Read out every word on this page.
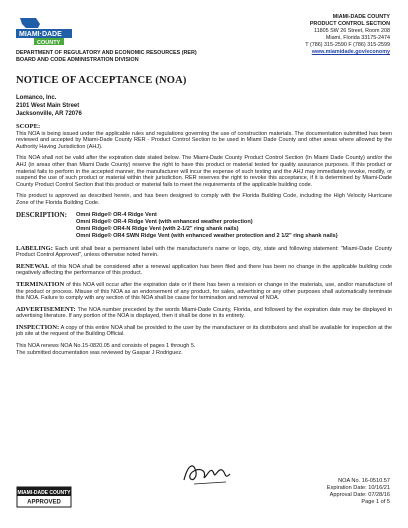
MIAMI·DADE
COUNTY
DEPARTMENT OF REGULATORY AND ECONOMIC RESOURCES (RER)
BOARD AND CODE ADMINISTRATION DIVISION
MIAMI-DADE COUNTY
PRODUCT CONTROL SECTION
11805 SW 26 Street, Room 208
Miami, Florida 33175-2474
T (786) 315-2590 F (786) 315-2599
www.miamidade.gov/economy
NOTICE OF ACCEPTANCE (NOA)
Lomanco, Inc.
2101 West Main Street
Jacksonville, AR 72076
SCOPE:

This NOA is being issued under the applicable rules and regulations governing the use of construction materials. The documentation submitted has been reviewed and accepted by Miami-Dade County RER - Product Control Section to be used in Miami Dade County and other areas where allowed by the Authority Having Jurisdiction (AHJ).

This NOA shall not be valid after the expiration date stated below. The Miami-Dade County Product Control Section (In Miami Dade County) and/or the AHJ (in areas other than Miami Dade County) reserve the right to have this product or material tested for quality assurance purposes. If this product or material fails to perform in the accepted manner, the manufacturer will incur the expense of such testing and the AHJ may immediately revoke, modify, or suspend the use of such product or material within their jurisdiction. RER reserves the right to revoke this acceptance, if it is determined by Miami-Dade County Product Control Section that this product or material fails to meet the requirements of the applicable building code.

This product is approved as described herein, and has been designed to comply with the Florida Building Code, including the High Velocity Hurricane Zone of the Florida Building Code.

DESCRIPTION:	Omni Ridge® OR-4 Ridge Vent
Omni Ridge® OR-4 Ridge Vent (with enhanced weather protection)
Omni Ridge® OR4-N Ridge Vent (with 2-1/2" ring shank nails)
Omni Ridge® OR4 SWN Ridge Vent (with enhanced weather protection and 2 1/2" ring shank nails)

LABELING: Each unit shall bear a permanent label with the manufacturer's name or logo, city, state and following statement: "Miami-Dade County Product Control Approved", unless otherwise noted herein.

RENEWAL of this NOA shall be considered after a renewal application has been filed and there has been no change in the applicable building code negatively affecting the performance of this product.

TERMINATION of this NOA will occur after the expiration date or if there has been a revision or change in the materials, use, and/or manufacture of the product or process. Misuse of this NOA as an endorsement of any product, for sales, advertising or any other purposes shall automatically terminate this NOA. Failure to comply with any section of this NOA shall be cause for termination and removal of NOA.

ADVERTISEMENT: The NOA number preceded by the words Miami-Dade County, Florida, and followed by the expiration date may be displayed in advertising literature. If any portion of the NOA is displayed, then it shall be done in its entirety.

INSPECTION: A copy of this entire NOA shall be provided to the user by the manufacturer or its distributors and shall be available for inspection at the job site at the request of the Building Official.

This NOA renews NOA No.15-0820.05 and consists of pages 1 through 5.
The submitted documentation was reviewed by Gaspar J Rodriguez.
MIAMI-DADE COUNTY
APPROVED
NOA No. 16-0510.57
Expiration Date: 10/16/21
Approval Date: 07/28/16
Page 1 of 5
